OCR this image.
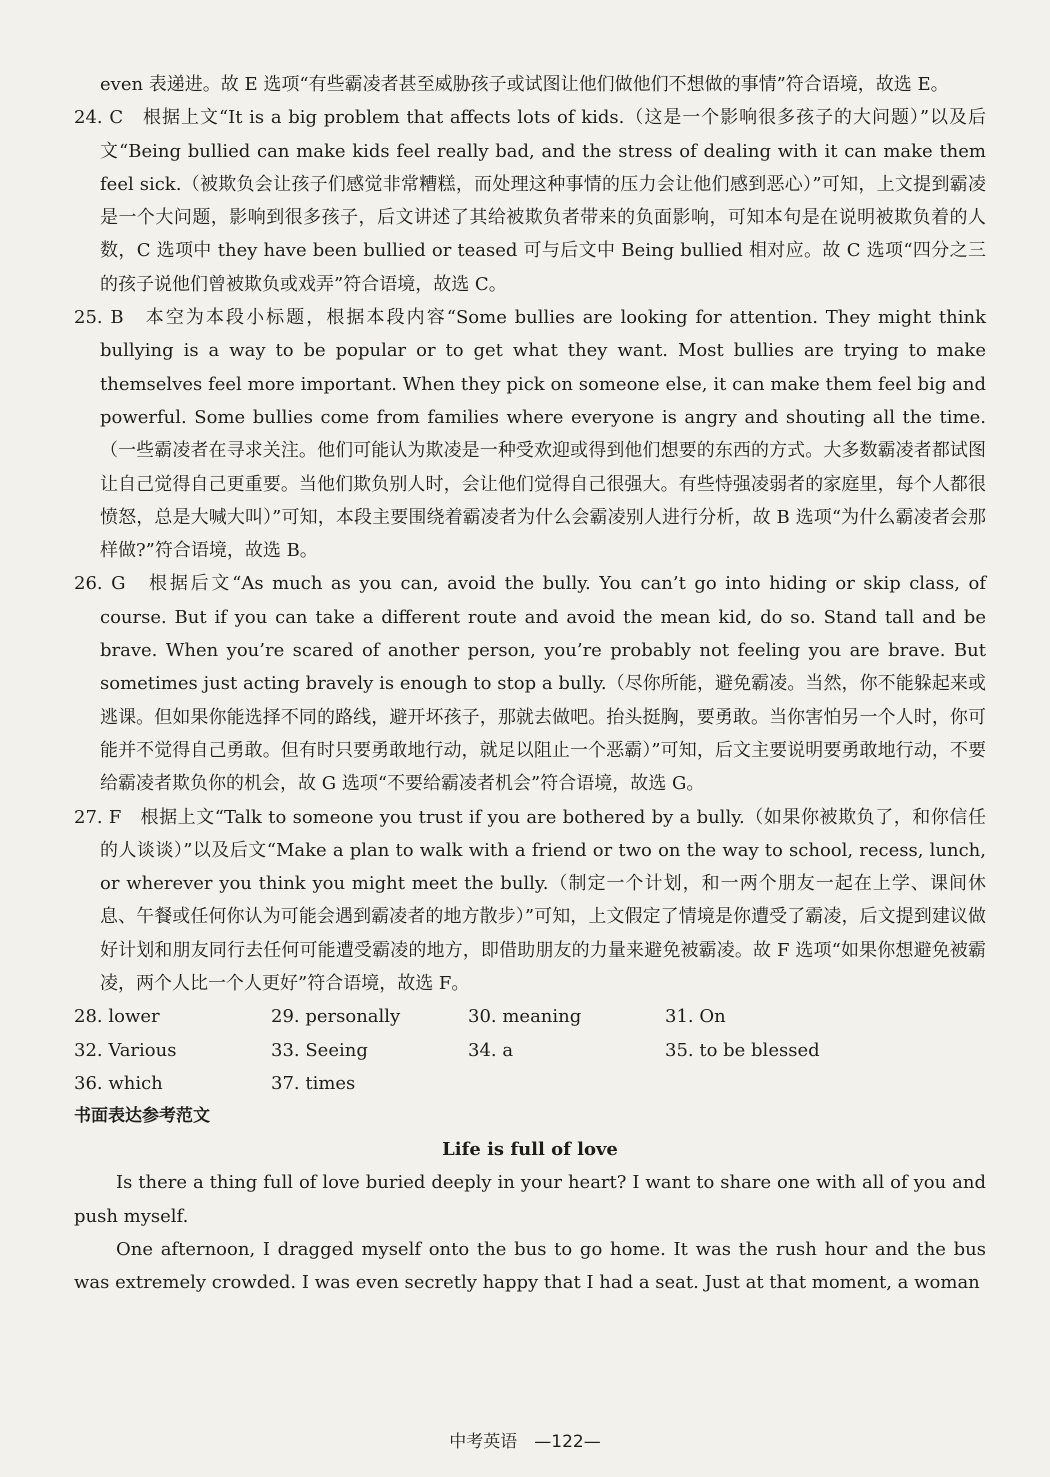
even 表递进。故 E 选项“有些霸凌者甚至威胁孩子或试图让他们做他们不想做的事情”符合语境，故选 E。

24. C　根据上文“It is a big problem that affects lots of kids.（这是一个影响很多孩子的大问题）”以及后文“Being bullied can make kids feel really bad, and the stress of dealing with it can make them feel sick.（被欺负会让孩子们感觉非常糟糕，而处理这种事情的压力会让他们感到恶心）”可知，上文提到霸凌是一个大问题，影响到很多孩子，后文讲述了其给被欺负者带来的负面影响，可知本句是在说明被欺负着的人数，C 选项中 they have been bullied or teased 可与后文中 Being bullied 相对应。故 C 选项“四分之三的孩子说他们曾被欺负或戏弄”符合语境，故选 C。

25. B　本空为本段小标题，根据本段内容“Some bullies are looking for attention. They might think bullying is a way to be popular or to get what they want. Most bullies are trying to make themselves feel more important. When they pick on someone else, it can make them feel big and powerful. Some bullies come from families where everyone is angry and shouting all the time.（一些霸凌者在寻求关注。他们可能认为欺凌是一种受欢迎或得到他们想要的东西的方式。大多数霸凌者都试图让自己觉得自己更重要。当他们欺负别人时，会让他们觉得自己很强大。有些恃强凌弱者的家庭里，每个人都很愤怒，总是大喊大叫）”可知，本段主要围绕着霸凌者为什么会霸凌别人进行分析，故 B 选项“为什么霸凌者会那样做?”符合语境，故选 B。

26. G　根据后文“As much as you can, avoid the bully. You can’t go into hiding or skip class, of course. But if you can take a different route and avoid the mean kid, do so. Stand tall and be brave. When you’re scared of another person, you’re probably not feeling you are brave. But sometimes just acting bravely is enough to stop a bully.（尽你所能，避免霸凌。当然，你不能躲起来或逃课。但如果你能选择不同的路线，避开坏孩子，那就去做吧。抬头挺胸，要勇敢。当你害怕另一个人时，你可能并不觉得自己勇敢。但有时只要勇敢地行动，就足以阻止一个恶霸）”可知，后文主要说明要勇敢地行动，不要给霸凌者欺负你的机会，故 G 选项“不要给霸凌者机会”符合语境，故选 G。

27. F　根据上文“Talk to someone you trust if you are bothered by a bully.（如果你被欺负了，和你信任的人谈谈）”以及后文“Make a plan to walk with a friend or two on the way to school, recess, lunch, or wherever you think you might meet the bully.（制定一个计划，和一两个朋友一起在上学、课间休息、午餐或任何你认为可能会遇到霸凌者的地方散步）”可知，上文假定了情境是你遭受了霸凌，后文提到建议做好计划和朋友同行去任何可能遭受霸凌的地方，即借助朋友的力量来避免被霸凌。故 F 选项“如果你想避免被霸凌，两个人比一个人更好”符合语境，故选 F。

28. lower	29. personally	30. meaning	31. On
32. Various	33. Seeing	34. a	35. to be blessed
36. which	37. times

书面表达参考范文

Life is full of love

Is there a thing full of love buried deeply in your heart? I want to share one with all of you and push myself.

One afternoon, I dragged myself onto the bus to go home. It was the rush hour and the bus was extremely crowded. I was even secretly happy that I had a seat. Just at that moment, a woman

中考英语　—122—
